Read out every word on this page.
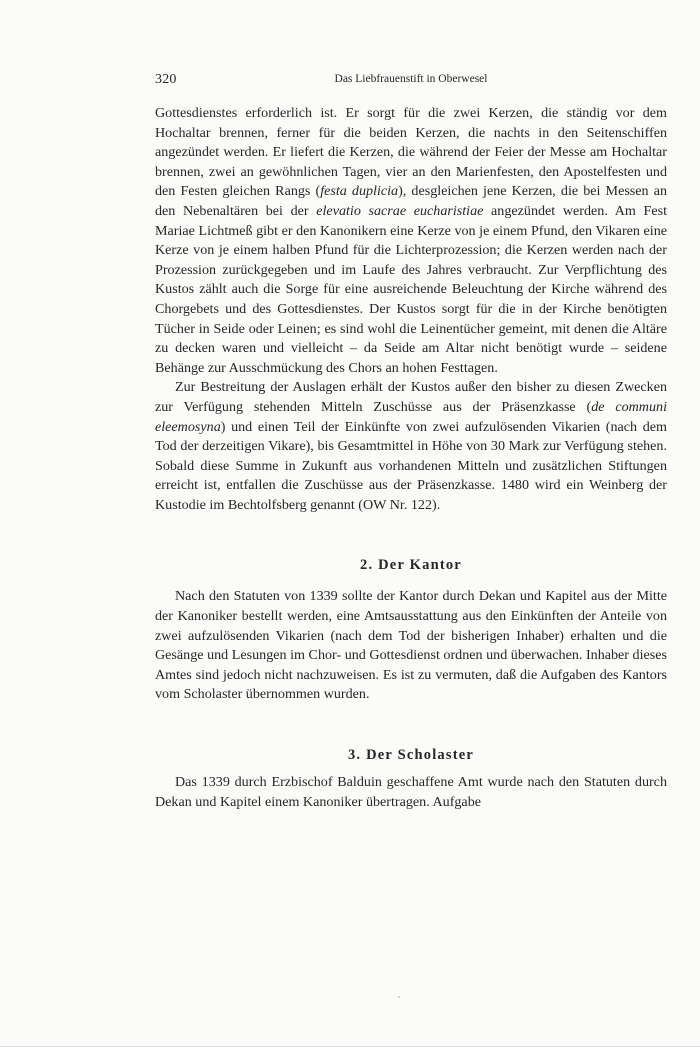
320	Das Liebfrauenstift in Oberwesel

Gottesdienstes erforderlich ist. Er sorgt für die zwei Kerzen, die ständig vor dem Hochaltar brennen, ferner für die beiden Kerzen, die nachts in den Seitenschiffen angezündet werden. Er liefert die Kerzen, die während der Feier der Messe am Hochaltar brennen, zwei an gewöhnlichen Tagen, vier an den Marienfesten, den Apostelfesten und den Festen gleichen Rangs (festa duplicia), desgleichen jene Kerzen, die bei Messen an den Nebenaltären bei der elevatio sacrae eucharistiae angezündet werden. Am Fest Mariae Lichtmeß gibt er den Kanonikern eine Kerze von je einem Pfund, den Vikaren eine Kerze von je einem halben Pfund für die Lichterprozession; die Kerzen werden nach der Prozession zurückgegeben und im Laufe des Jahres verbraucht. Zur Verpflichtung des Kustos zählt auch die Sorge für eine ausreichende Beleuchtung der Kirche während des Chorgebets und des Gottesdienstes. Der Kustos sorgt für die in der Kirche benötigten Tücher in Seide oder Leinen; es sind wohl die Leinentücher gemeint, mit denen die Altäre zu decken waren und vielleicht – da Seide am Altar nicht benötigt wurde – seidene Behänge zur Ausschmückung des Chors an hohen Festtagen.

Zur Bestreitung der Auslagen erhält der Kustos außer den bisher zu diesen Zwecken zur Verfügung stehenden Mitteln Zuschüsse aus der Präsenzkasse (de communi eleemosyna) und einen Teil der Einkünfte von zwei aufzulösenden Vikarien (nach dem Tod der derzeitigen Vikare), bis Gesamtmittel in Höhe von 30 Mark zur Verfügung stehen. Sobald diese Summe in Zukunft aus vorhandenen Mitteln und zusätzlichen Stiftungen erreicht ist, entfallen die Zuschüsse aus der Präsenzkasse. 1480 wird ein Weinberg der Kustodie im Bechtolfsberg genannt (OW Nr. 122).

2. Der Kantor

Nach den Statuten von 1339 sollte der Kantor durch Dekan und Kapitel aus der Mitte der Kanoniker bestellt werden, eine Amtsausstattung aus den Einkünften der Anteile von zwei aufzulösenden Vikarien (nach dem Tod der bisherigen Inhaber) erhalten und die Gesänge und Lesungen im Chor- und Gottesdienst ordnen und überwachen. Inhaber dieses Amtes sind jedoch nicht nachzuweisen. Es ist zu vermuten, daß die Aufgaben des Kantors vom Scholaster übernommen wurden.

3. Der Scholaster

Das 1339 durch Erzbischof Balduin geschaffene Amt wurde nach den Statuten durch Dekan und Kapitel einem Kanoniker übertragen. Aufgabe
